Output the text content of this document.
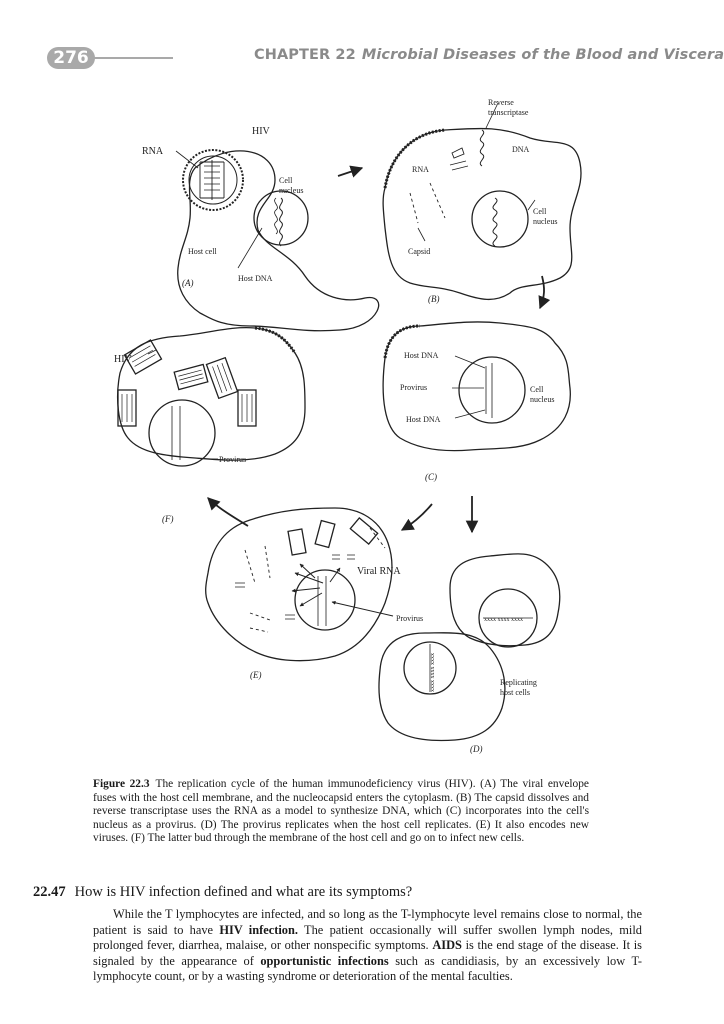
276	CHAPTER 22 Microbial Diseases of the Blood and Viscera
HIV
RNA
Cell
nucleus
Host cell
Host DNA
(A)
Reverse
transcriptase
DNA
RNA
Cell
nucleus
Capsid
(B)
Host DNA
Provirus
Host DNA
Cell
nucleus
(C)
HIV
Provirus
(F)
Viral RNA
Provirus
(E)
xxxx xxxx xxxx
xxxx xxxx xxxx	Replicating
host cells
(D)
Figure 22.3 The replication cycle of the human immunodeficiency virus (HIV). (A) The viral envelope fuses with the host cell membrane, and the nucleocapsid enters the cytoplasm. (B) The capsid dissolves and reverse transcriptase uses the RNA as a model to synthesize DNA, which (C) incorporates into the cell's nucleus as a provirus. (D) The provirus replicates when the host cell replicates. (E) It also encodes new viruses. (F) The latter bud through the membrane of the host cell and go on to infect new cells.
22.47 How is HIV infection defined and what are its symptoms?
While the T lymphocytes are infected, and so long as the T-lymphocyte level remains close to normal, the patient is said to have HIV infection. The patient occasionally will suffer swollen lymph nodes, mild prolonged fever, diarrhea, malaise, or other nonspecific symptoms. AIDS is the end stage of the disease. It is signaled by the appearance of opportunistic infections such as candidiasis, by an excessively low T-lymphocyte count, or by a wasting syndrome or deterioration of the mental faculties.
